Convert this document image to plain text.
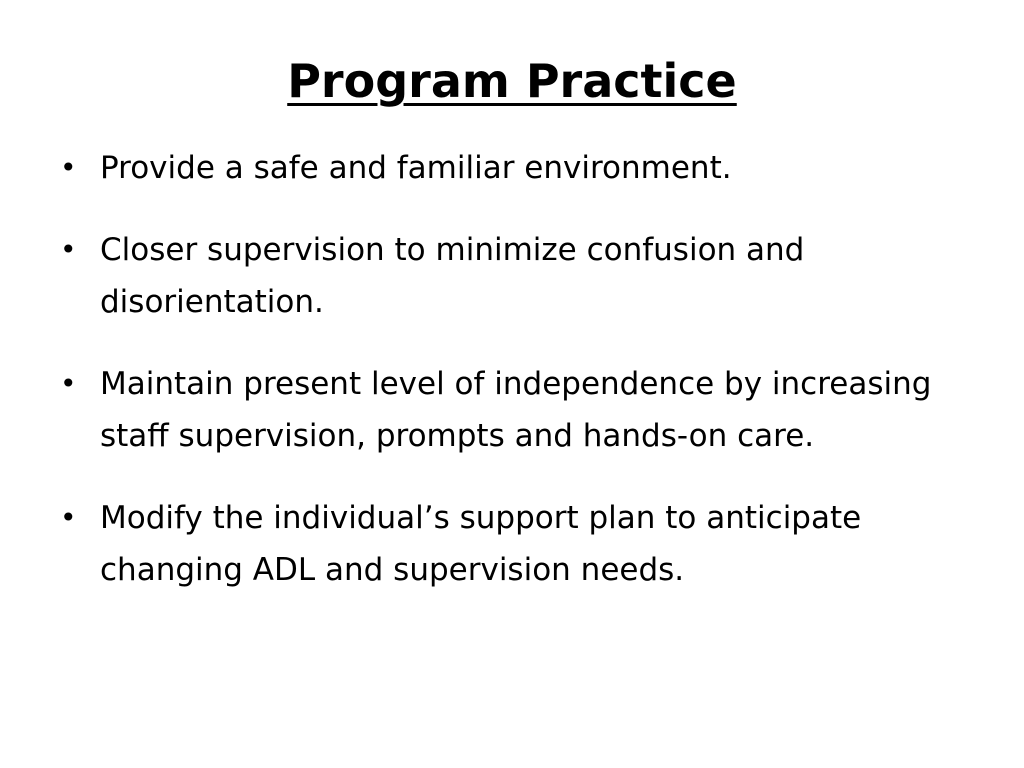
Program Practice
• Provide a safe and familiar environment.
• Closer supervision to minimize confusion and disorientation.
• Maintain present level of independence by increasing staff supervision, prompts and hands-on care.
• Modify the individual’s support plan to anticipate changing ADL and supervision needs.
